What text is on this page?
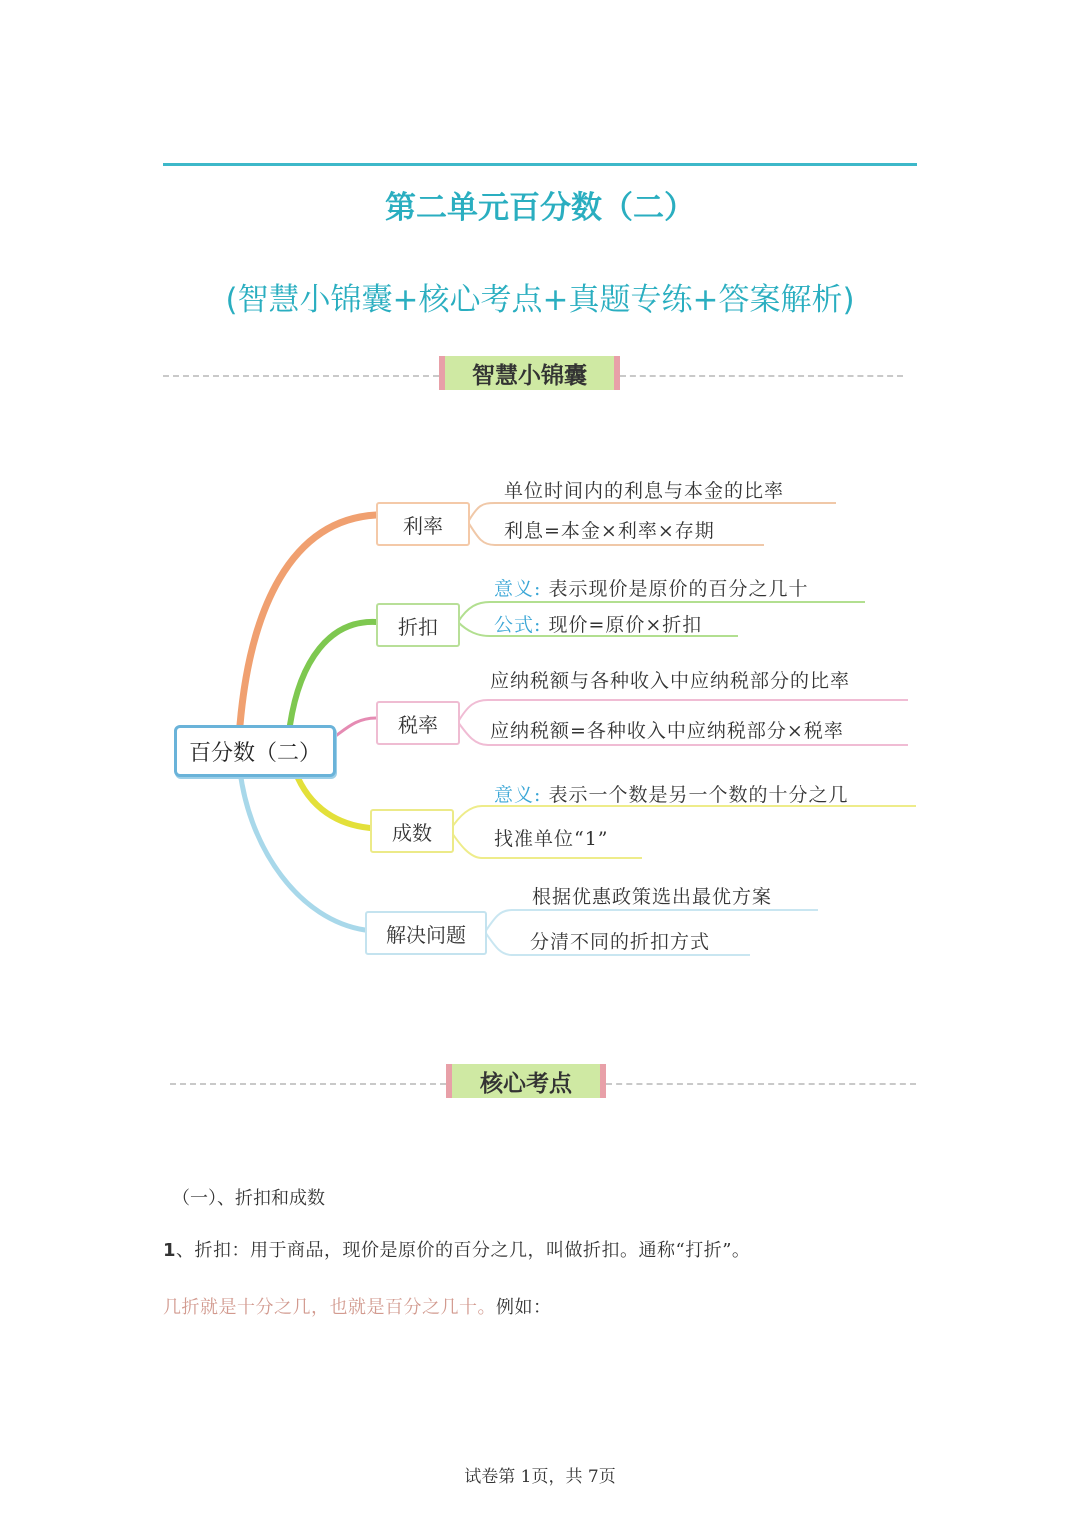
第二单元百分数（二）
(智慧小锦囊+核心考点+真题专练+答案解析)
智慧小锦囊
百分数（二）
利率
折扣
税率
成数
解决问题
单位时间内的利息与本金的比率
利息=本金×利率×存期
意义: 表示现价是原价的百分之几十
公式: 现价=原价×折扣
应纳税额与各种收入中应纳税部分的比率
应纳税额=各种收入中应纳税部分×税率
意义: 表示一个数是另一个数的十分之几
找准单位“1”
根据优惠政策选出最优方案
分清不同的折扣方式
核心考点
（一）、折扣和成数
1、折扣：用于商品，现价是原价的百分之几，叫做折扣。通称“打折”。
几折就是十分之几，也就是百分之几十。例如：
试卷第 1页，共 7页
